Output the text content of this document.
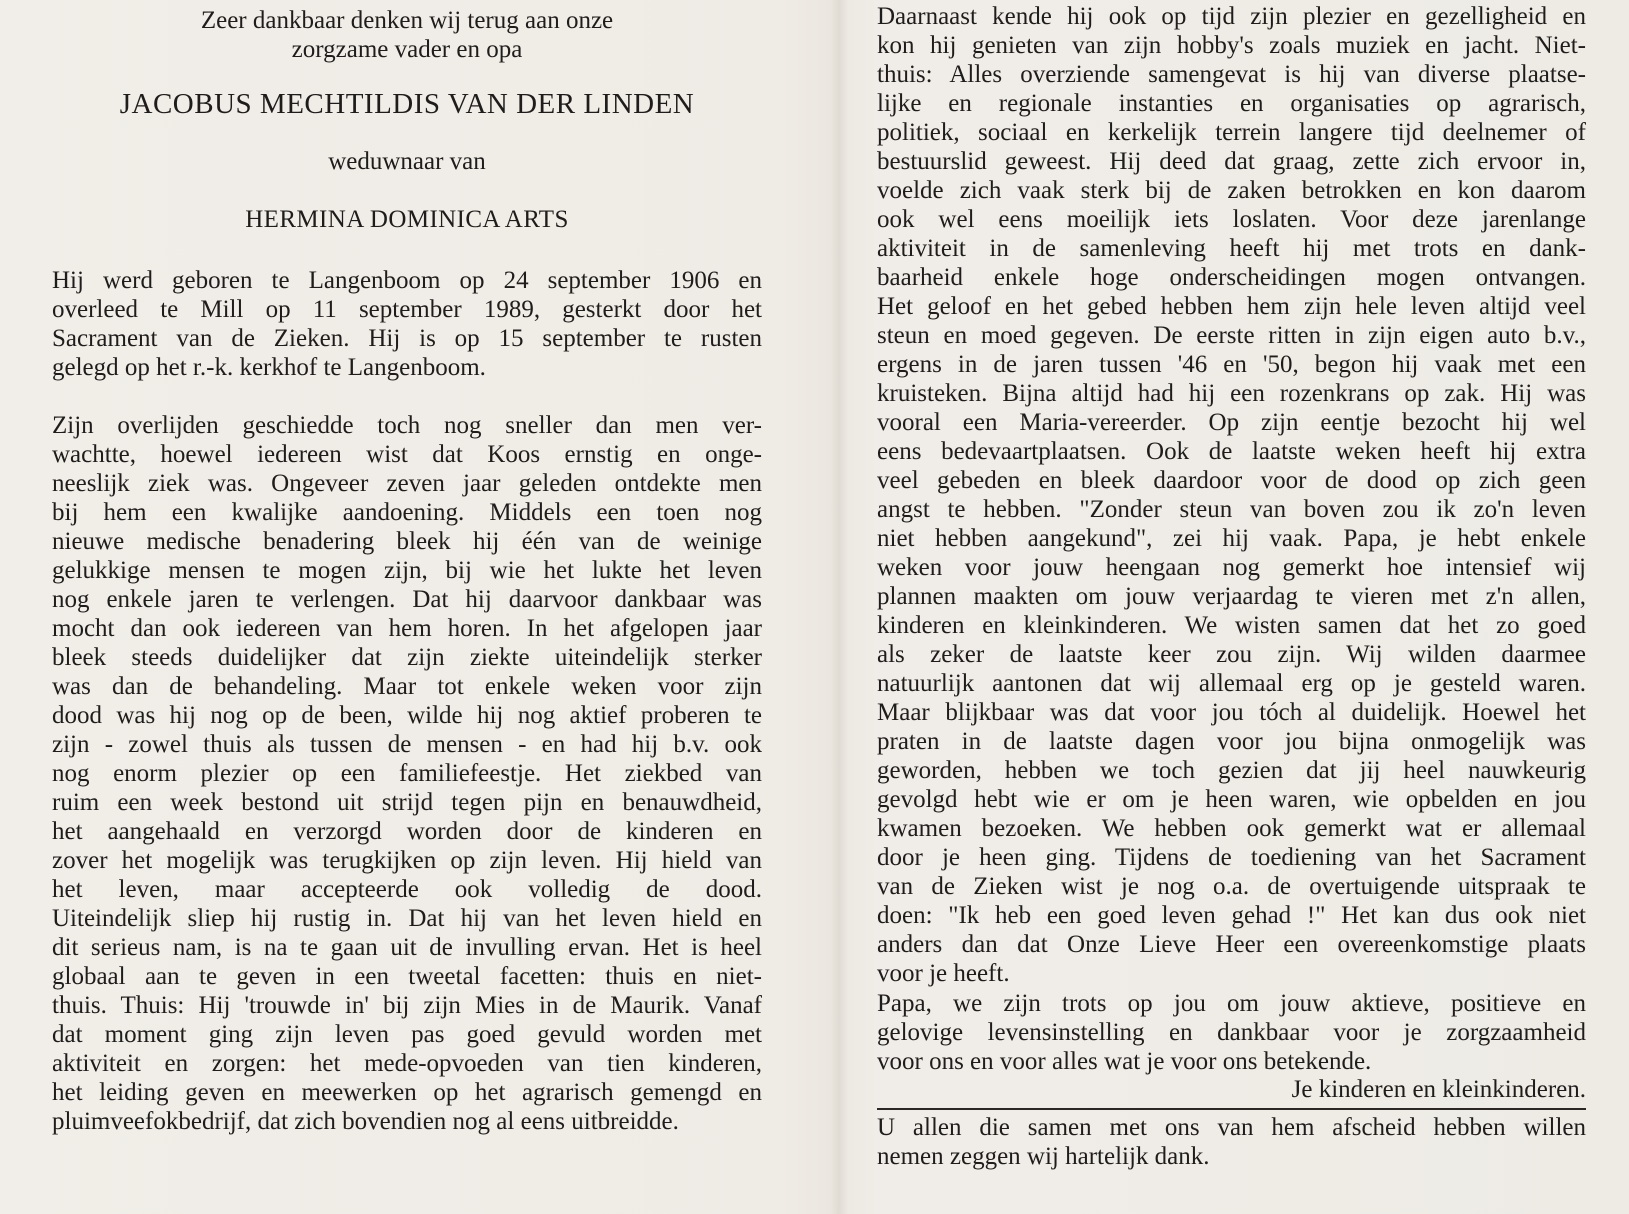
Zeer dankbaar denken wij terug aan onze
zorgzame vader en opa
JACOBUS MECHTILDIS VAN DER LINDEN
weduwnaar van
HERMINA DOMINICA ARTS
Hij werd geboren te Langenboom op 24 september 1906 en
overleed te Mill op 11 september 1989, gesterkt door het
Sacrament van de Zieken. Hij is op 15 september te rusten
gelegd op het r.-k. kerkhof te Langenboom.
Zijn overlijden geschiedde toch nog sneller dan men ver-
wachtte, hoewel iedereen wist dat Koos ernstig en onge-
neeslijk ziek was. Ongeveer zeven jaar geleden ontdekte men
bij hem een kwalijke aandoening. Middels een toen nog
nieuwe medische benadering bleek hij één van de weinige
gelukkige mensen te mogen zijn, bij wie het lukte het leven
nog enkele jaren te verlengen. Dat hij daarvoor dankbaar was
mocht dan ook iedereen van hem horen. In het afgelopen jaar
bleek steeds duidelijker dat zijn ziekte uiteindelijk sterker
was dan de behandeling. Maar tot enkele weken voor zijn
dood was hij nog op de been, wilde hij nog aktief proberen te
zijn - zowel thuis als tussen de mensen - en had hij b.v. ook
nog enorm plezier op een familiefeestje. Het ziekbed van
ruim een week bestond uit strijd tegen pijn en benauwdheid,
het aangehaald en verzorgd worden door de kinderen en
zover het mogelijk was terugkijken op zijn leven. Hij hield van
het leven, maar accepteerde ook volledig de dood.
Uiteindelijk sliep hij rustig in. Dat hij van het leven hield en
dit serieus nam, is na te gaan uit de invulling ervan. Het is heel
globaal aan te geven in een tweetal facetten: thuis en niet-
thuis. Thuis: Hij 'trouwde in' bij zijn Mies in de Maurik. Vanaf
dat moment ging zijn leven pas goed gevuld worden met
aktiviteit en zorgen: het mede-opvoeden van tien kinderen,
het leiding geven en meewerken op het agrarisch gemengd en
pluimveefokbedrijf, dat zich bovendien nog al eens uitbreidde.
Daarnaast kende hij ook op tijd zijn plezier en gezelligheid en
kon hij genieten van zijn hobby's zoals muziek en jacht. Niet-
thuis: Alles overziende samengevat is hij van diverse plaatse-
lijke en regionale instanties en organisaties op agrarisch,
politiek, sociaal en kerkelijk terrein langere tijd deelnemer of
bestuurslid geweest. Hij deed dat graag, zette zich ervoor in,
voelde zich vaak sterk bij de zaken betrokken en kon daarom
ook wel eens moeilijk iets loslaten. Voor deze jarenlange
aktiviteit in de samenleving heeft hij met trots en dank-
baarheid enkele hoge onderscheidingen mogen ontvangen.
Het geloof en het gebed hebben hem zijn hele leven altijd veel
steun en moed gegeven. De eerste ritten in zijn eigen auto b.v.,
ergens in de jaren tussen '46 en '50, begon hij vaak met een
kruisteken. Bijna altijd had hij een rozenkrans op zak. Hij was
vooral een Maria-vereerder. Op zijn eentje bezocht hij wel
eens bedevaartplaatsen. Ook de laatste weken heeft hij extra
veel gebeden en bleek daardoor voor de dood op zich geen
angst te hebben. "Zonder steun van boven zou ik zo'n leven
niet hebben aangekund", zei hij vaak. Papa, je hebt enkele
weken voor jouw heengaan nog gemerkt hoe intensief wij
plannen maakten om jouw verjaardag te vieren met z'n allen,
kinderen en kleinkinderen. We wisten samen dat het zo goed
als zeker de laatste keer zou zijn. Wij wilden daarmee
natuurlijk aantonen dat wij allemaal erg op je gesteld waren.
Maar blijkbaar was dat voor jou tóch al duidelijk. Hoewel het
praten in de laatste dagen voor jou bijna onmogelijk was
geworden, hebben we toch gezien dat jij heel nauwkeurig
gevolgd hebt wie er om je heen waren, wie opbelden en jou
kwamen bezoeken. We hebben ook gemerkt wat er allemaal
door je heen ging. Tijdens de toediening van het Sacrament
van de Zieken wist je nog o.a. de overtuigende uitspraak te
doen: "Ik heb een goed leven gehad !" Het kan dus ook niet
anders dan dat Onze Lieve Heer een overeenkomstige plaats
voor je heeft.
Papa, we zijn trots op jou om jouw aktieve, positieve en
gelovige levensinstelling en dankbaar voor je zorgzaamheid
voor ons en voor alles wat je voor ons betekende.
Je kinderen en kleinkinderen.
U allen die samen met ons van hem afscheid hebben willen
nemen zeggen wij hartelijk dank.
